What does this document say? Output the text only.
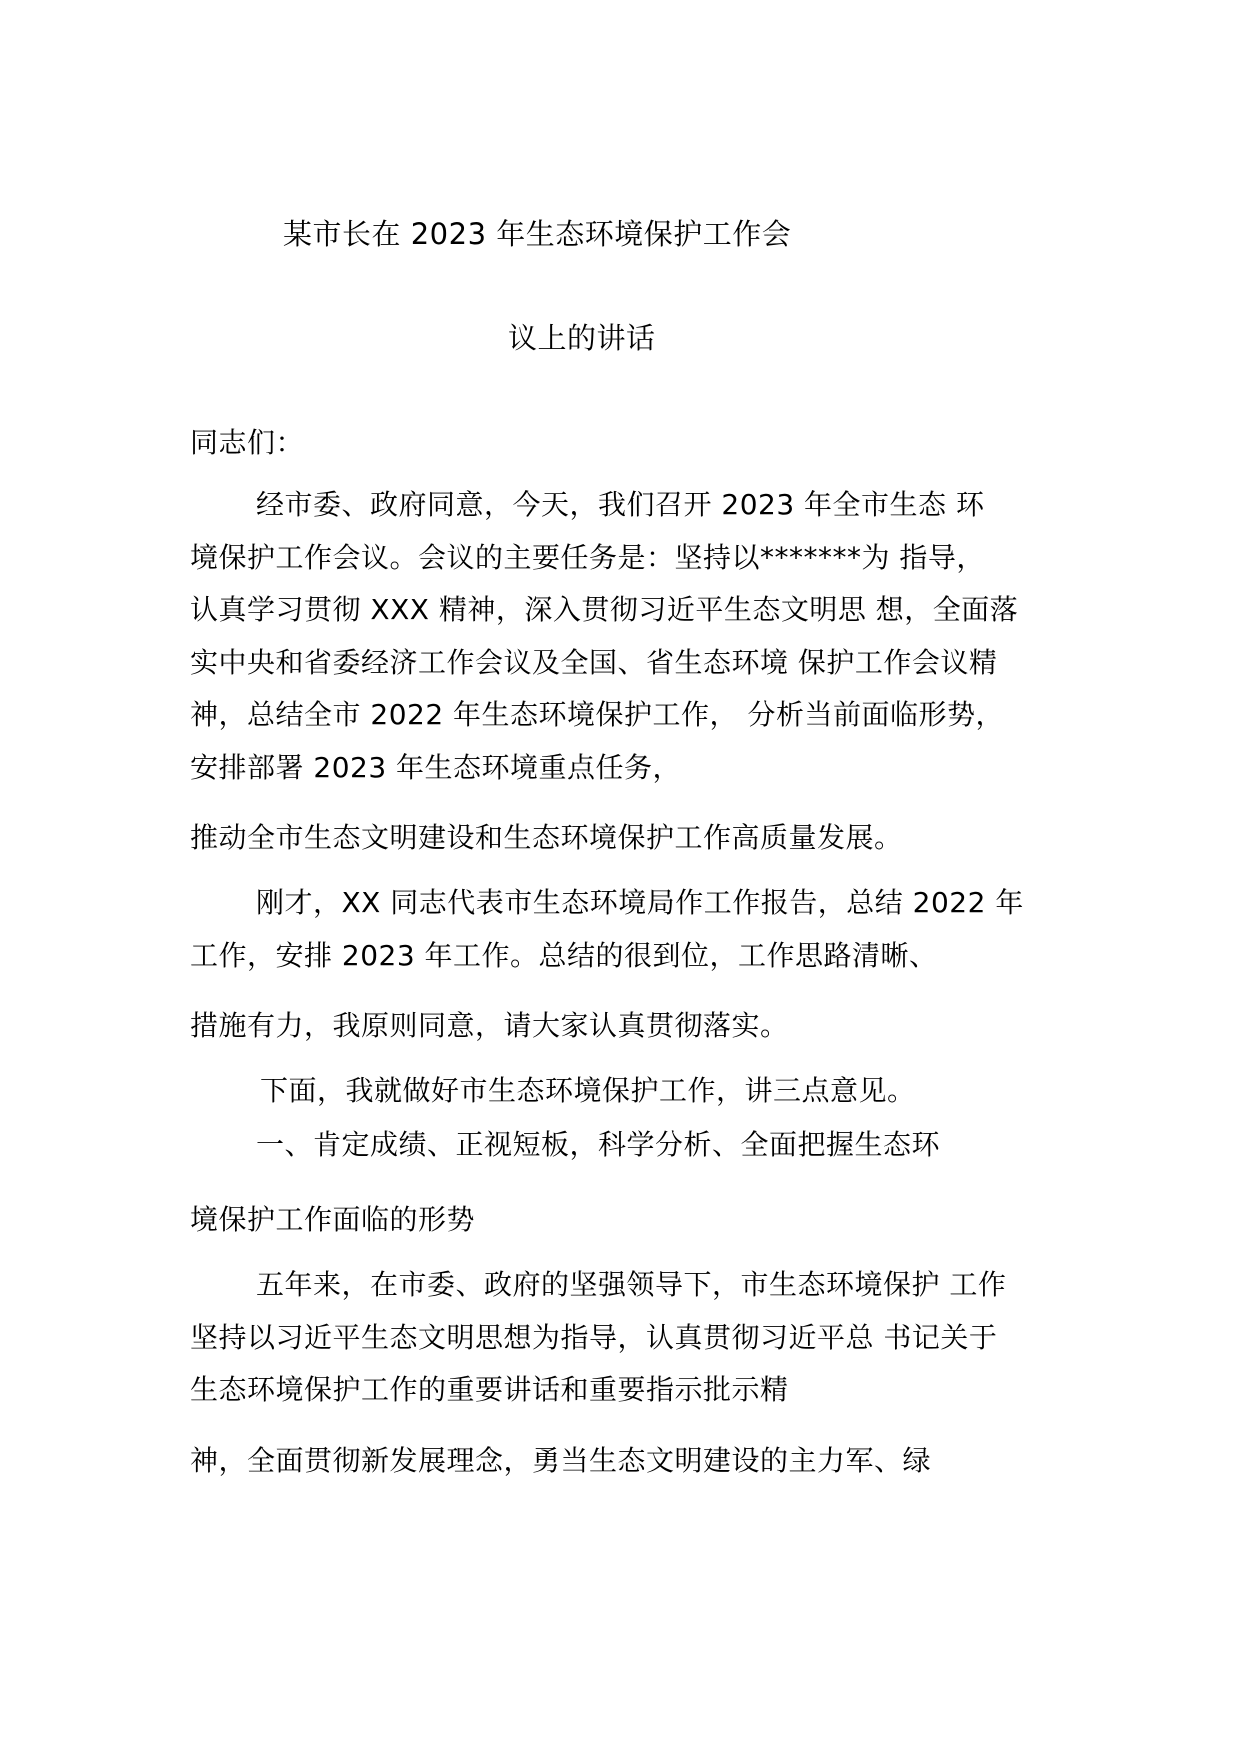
某市长在 2023 年生态环境保护工作会
议上的讲话
同志们：
经市委、政府同意，今天，我们召开 2023 年全市生态 环
境保护工作会议。会议的主要任务是：坚持以*******为 指导，
认真学习贯彻 XXX 精神，深入贯彻习近平生态文明思 想，全面落
实中央和省委经济工作会议及全国、省生态环境 保护工作会议精
神，总结全市 2022 年生态环境保护工作， 分析当前面临形势，
安排部署 2023 年生态环境重点任务，
推动全市生态文明建设和生态环境保护工作高质量发展。
刚才，XX 同志代表市生态环境局作工作报告，总结 2022 年
工作，安排 2023 年工作。总结的很到位，工作思路清晰、
措施有力，我原则同意，请大家认真贯彻落实。
下面，我就做好市生态环境保护工作，讲三点意见。
一、肯定成绩、正视短板，科学分析、全面把握生态环
境保护工作面临的形势
五年来，在市委、政府的坚强领导下，市生态环境保护 工作
坚持以习近平生态文明思想为指导，认真贯彻习近平总 书记关于
生态环境保护工作的重要讲话和重要指示批示精
神，全面贯彻新发展理念，勇当生态文明建设的主力军、绿
